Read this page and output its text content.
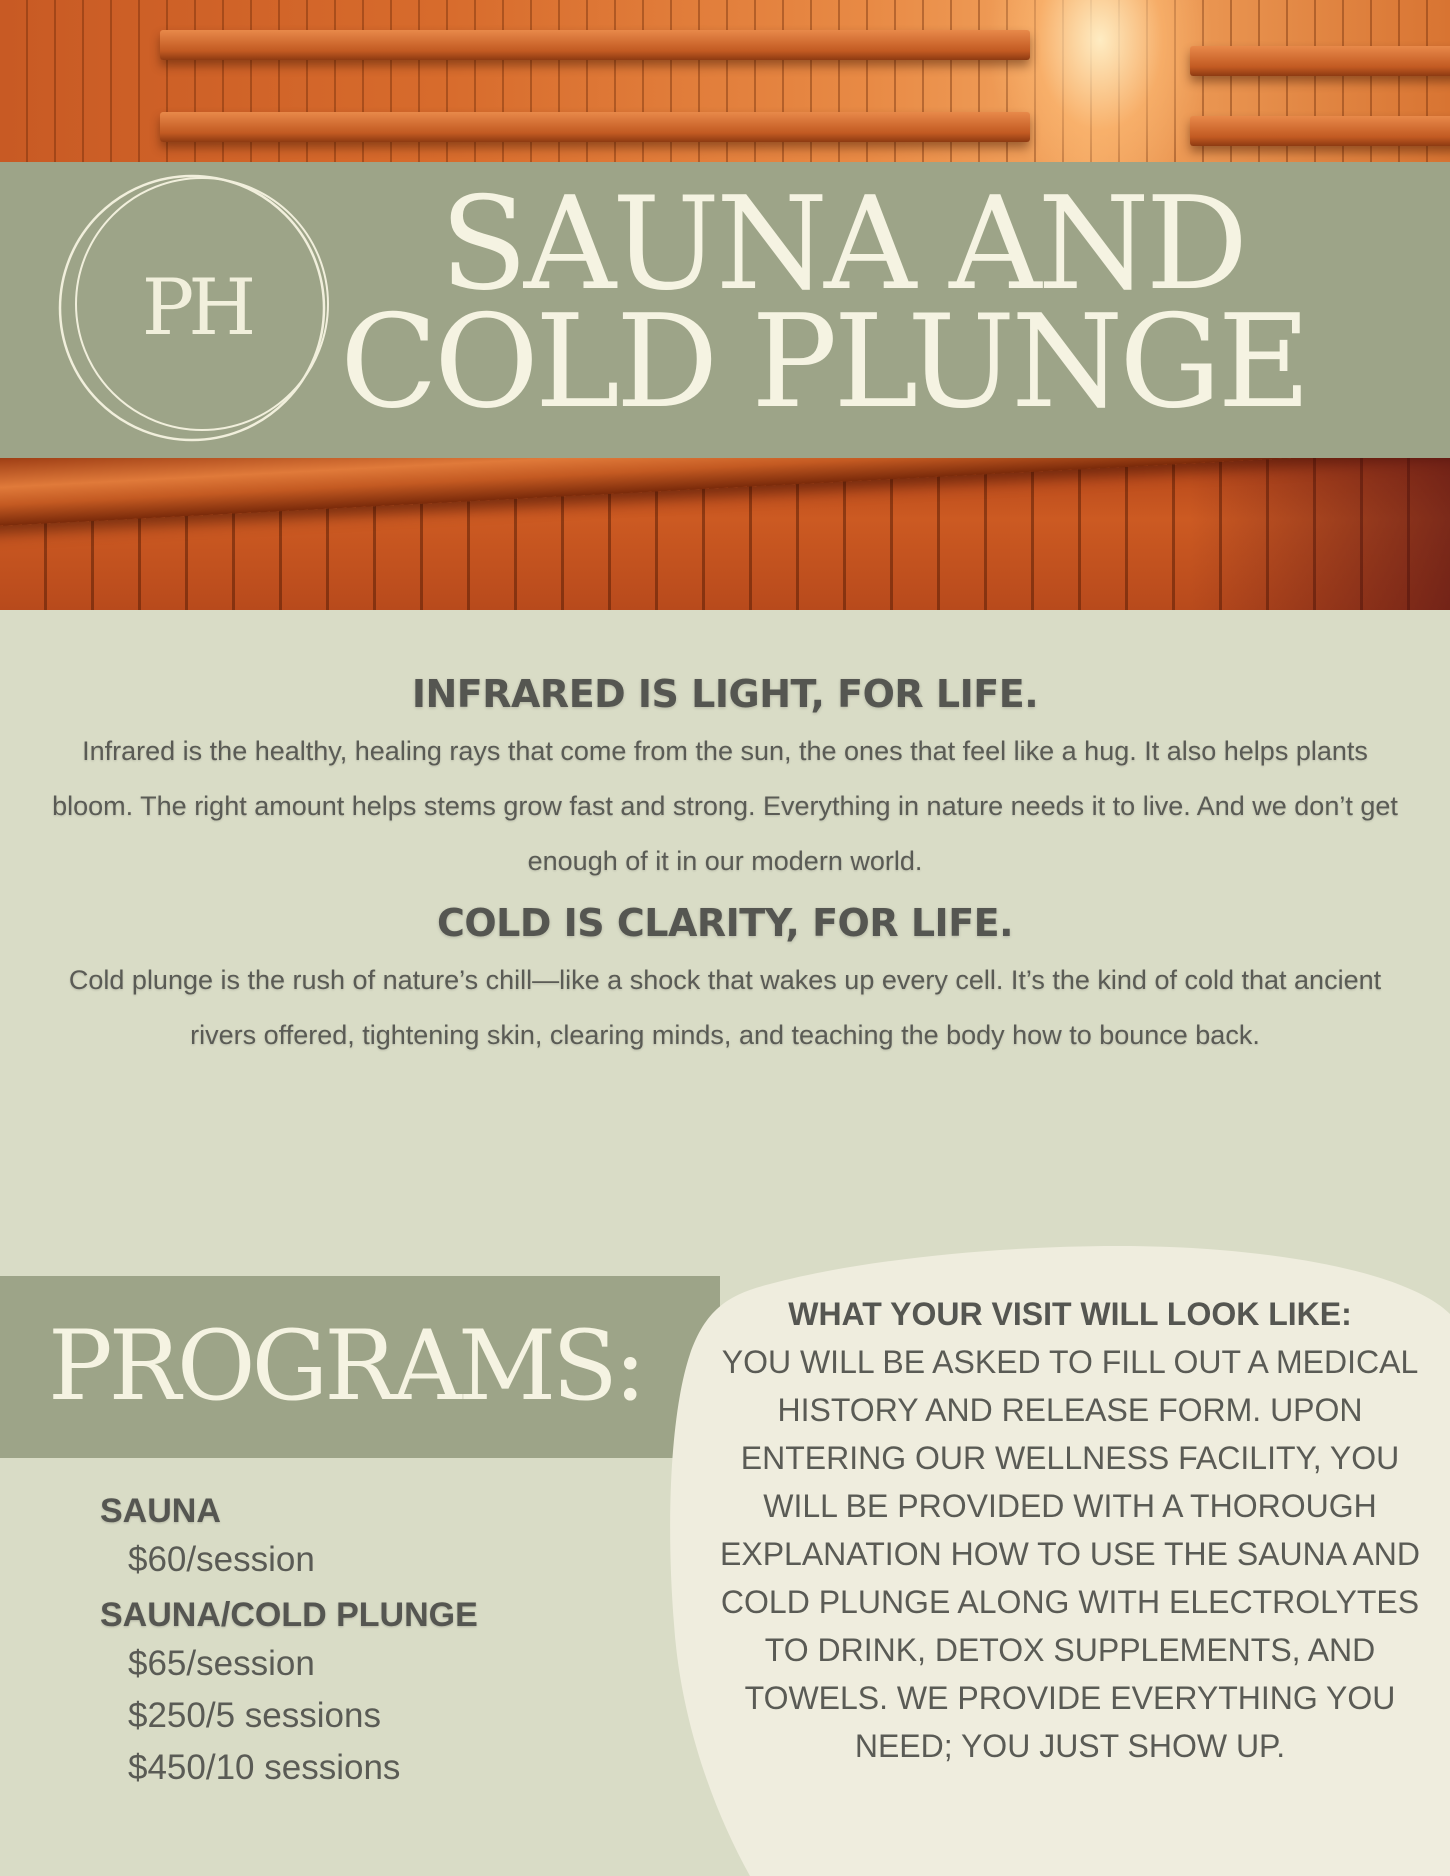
PH	SAUNA AND
COLD PLUNGE
INFRARED IS LIGHT, FOR LIFE.

Infrared is the healthy, healing rays that come from the sun, the ones that feel like a hug. It also helps plants bloom. The right amount helps stems grow fast and strong. Everything in nature needs it to live. And we don’t get enough of it in our modern world.

COLD IS CLARITY, FOR LIFE.

Cold plunge is the rush of nature’s chill—like a shock that wakes up every cell. It’s the kind of cold that ancient rivers offered, tightening skin, clearing minds, and teaching the body how to bounce back.

PROGRAMS:
SAUNA
$60/session
SAUNA/COLD PLUNGE
$65/session
$250/5 sessions
$450/10 sessions
WHAT YOUR VISIT WILL LOOK LIKE:
YOU WILL BE ASKED TO FILL OUT A MEDICAL HISTORY AND RELEASE FORM. UPON ENTERING OUR WELLNESS FACILITY, YOU WILL BE PROVIDED WITH A THOROUGH EXPLANATION HOW TO USE THE SAUNA AND COLD PLUNGE ALONG WITH ELECTROLYTES TO DRINK, DETOX SUPPLEMENTS, AND TOWELS. WE PROVIDE EVERYTHING YOU NEED; YOU JUST SHOW UP.
